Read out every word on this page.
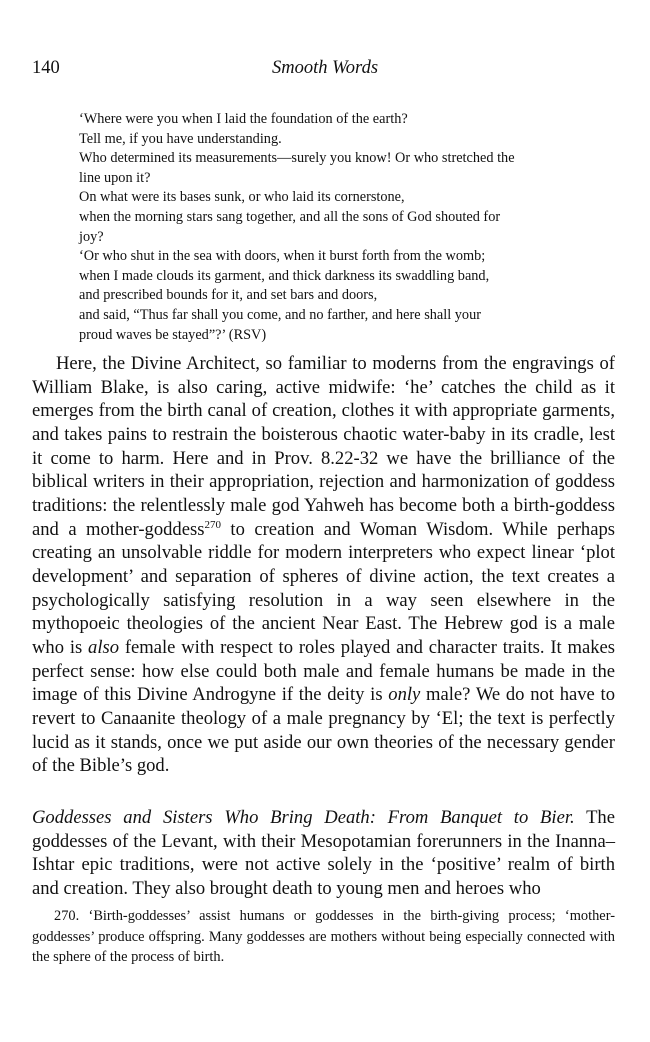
140	Smooth Words
‘Where were you when I laid the foundation of the earth?
Tell me, if you have understanding.
Who determined its measurements—surely you know! Or who stretched the
line upon it?
On what were its bases sunk, or who laid its cornerstone,
when the morning stars sang together, and all the sons of God shouted for
joy?
‘Or who shut in the sea with doors, when it burst forth from the womb;
when I made clouds its garment, and thick darkness its swaddling band,
and prescribed bounds for it, and set bars and doors,
and said, “Thus far shall you come, and no farther, and here shall your
proud waves be stayed”?’ (RSV)

Here, the Divine Architect, so familiar to moderns from the engravings of William Blake, is also caring, active midwife: ‘he’ catches the child as it emerges from the birth canal of creation, clothes it with appropriate garments, and takes pains to restrain the boisterous chaotic water-baby in its cradle, lest it come to harm. Here and in Prov. 8.22-32 we have the brilliance of the biblical writers in their appropriation, rejection and harmonization of goddess traditions: the relentlessly male god Yahweh has become both a birth-goddess and a mother-goddess$^{270}$ to creation and Woman Wisdom. While perhaps creating an unsolvable riddle for modern interpreters who expect linear ‘plot development’ and separation of spheres of divine action, the text creates a psychologically satisfying resolution in a way seen elsewhere in the mythopoeic theologies of the ancient Near East. The Hebrew god is a male who is also female with respect to roles played and character traits. It makes perfect sense: how else could both male and female humans be made in the image of this Divine Androgyne if the deity is only male? We do not have to revert to Canaanite theology of a male pregnancy by ‘El; the text is perfectly lucid as it stands, once we put aside our own theories of the necessary gender of the Bible’s god.

Goddesses and Sisters Who Bring Death: From Banquet to Bier. The goddesses of the Levant, with their Mesopotamian forerunners in the Inanna–Ishtar epic traditions, were not active solely in the ‘positive’ realm of birth and creation. They also brought death to young men and heroes who

270. ‘Birth-goddesses’ assist humans or goddesses in the birth-giving process; ‘mother-goddesses’ produce offspring. Many goddesses are mothers without being especially connected with the sphere of the process of birth.
